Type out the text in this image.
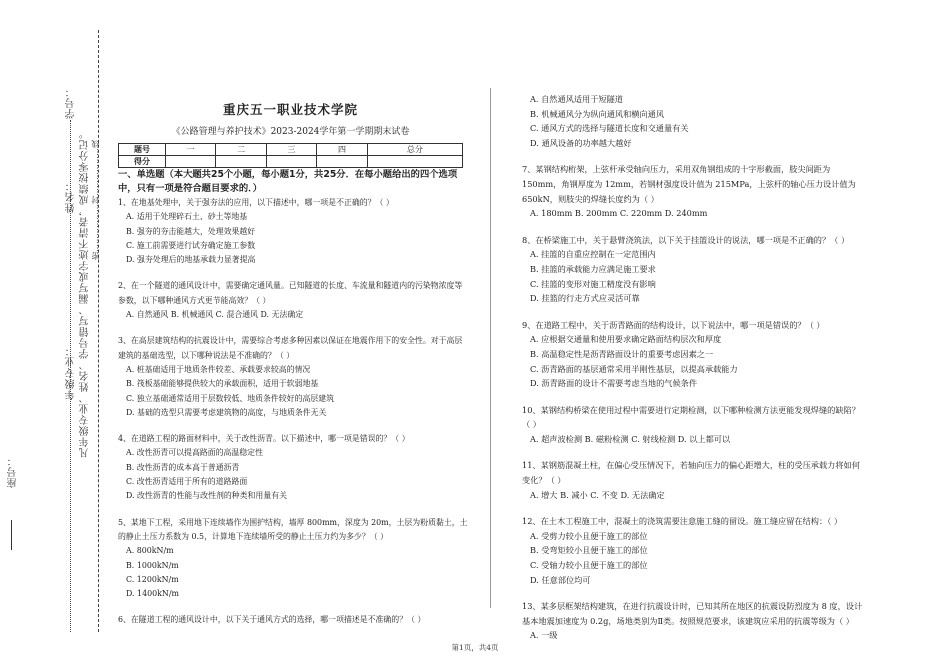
座号：
年级专业：
姓名：
学号：
凡年级专业、姓名、学号错写、漏写或字迹不清者，成绩按零分记。 密………………封………………线
重庆五一职业技术学院
《公路管理与养护技术》2023-2024学年第一学期期末试卷
题号	一	二	三	四	总分
得分					
一、单选题（本大题共25个小题，每小题1分，共25分．在每小题给出的四个选项中，只有一项是符合题目要求的．）

1、在地基处理中，关于强夯法的应用，以下描述中，哪一项是不正确的？（ ）

A. 适用于处理碎石土、砂土等地基

B. 强夯的夯击能越大，处理效果越好

C. 施工前需要进行试夯确定施工参数

D. 强夯处理后的地基承载力显著提高

2、在一个隧道的通风设计中，需要确定通风量。已知隧道的长度、车流量和隧道内的污染物浓度等参数，以下哪种通风方式更节能高效？（ ）

A. 自然通风 B. 机械通风 C. 混合通风 D. 无法确定

3、在高层建筑结构的抗震设计中，需要综合考虑多种因素以保证在地震作用下的安全性。对于高层建筑的基础选型，以下哪种说法是不准确的？（ ）

A. 桩基础适用于地质条件较差、承载要求较高的情况

B. 筏板基础能够提供较大的承载面积，适用于软弱地基

C. 独立基础通常适用于层数较低、地质条件较好的高层建筑

D. 基础的选型只需要考虑建筑物的高度，与地质条件无关

4、在道路工程的路面材料中，关于改性沥青。以下描述中，哪一项是错误的？（ ）

A. 改性沥青可以提高路面的高温稳定性

B. 改性沥青的成本高于普通沥青

C. 改性沥青适用于所有的道路路面

D. 改性沥青的性能与改性剂的种类和用量有关

5、某地下工程，采用地下连续墙作为围护结构，墙厚 800mm，深度为 20m，土层为粉质黏土，土的静止土压力系数为 0.5，计算地下连续墙所受的静止土压力约为多少？（ ）

A. 800kN/m

B. 1000kN/m

C. 1200kN/m

D. 1400kN/m

6、在隧道工程的通风设计中，以下关于通风方式的选择，哪一项描述是不准确的？（ ）

A. 自然通风适用于短隧道

B. 机械通风分为纵向通风和横向通风

C. 通风方式的选择与隧道长度和交通量有关

D. 通风设备的功率越大越好

7、某钢结构桁架，上弦杆承受轴向压力，采用双角钢组成的十字形截面，肢尖间距为 150mm，角钢厚度为 12mm，若钢材强度设计值为 215MPa，上弦杆的轴心压力设计值为 650kN，则肢尖的焊缝长度约为（ ）

A. 180mm B. 200mm C. 220mm D. 240mm

8、在桥梁施工中，关于悬臂浇筑法，以下关于挂篮设计的说法，哪一项是不正确的？（ ）

A. 挂篮的自重应控制在一定范围内

B. 挂篮的承载能力应满足施工要求

C. 挂篮的变形对施工精度没有影响

D. 挂篮的行走方式应灵活可靠

9、在道路工程中，关于沥青路面的结构设计，以下说法中，哪一项是错误的？（ ）

A. 应根据交通量和使用要求确定路面结构层次和厚度

B. 高温稳定性是沥青路面设计的重要考虑因素之一

C. 沥青路面的基层通常采用半刚性基层，以提高承载能力

D. 沥青路面的设计不需要考虑当地的气候条件

10、某钢结构桥梁在使用过程中需要进行定期检测，以下哪种检测方法更能发现焊缝的缺陷？（ ）

A. 超声波检测 B. 磁粉检测 C. 射线检测 D. 以上都可以

11、某钢筋混凝土柱，在偏心受压情况下，若轴向压力的偏心距增大，柱的受压承载力将如何变化？（ ）

A. 增大 B. 减小 C. 不变 D. 无法确定

12、在土木工程施工中，混凝土的浇筑需要注意施工缝的留设。施工缝应留在结构：（ ）

A. 受剪力较小且便于施工的部位

B. 受弯矩较小且便于施工的部位

C. 受轴力较小且便于施工的部位

D. 任意部位均可

13、某多层框架结构建筑，在进行抗震设计时，已知其所在地区的抗震设防烈度为 8 度，设计基本地震加速度为 0.2g，场地类别为Ⅱ类。按照规范要求，该建筑应采用的抗震等级为（ ）

A. 一级

第1页，共4页
